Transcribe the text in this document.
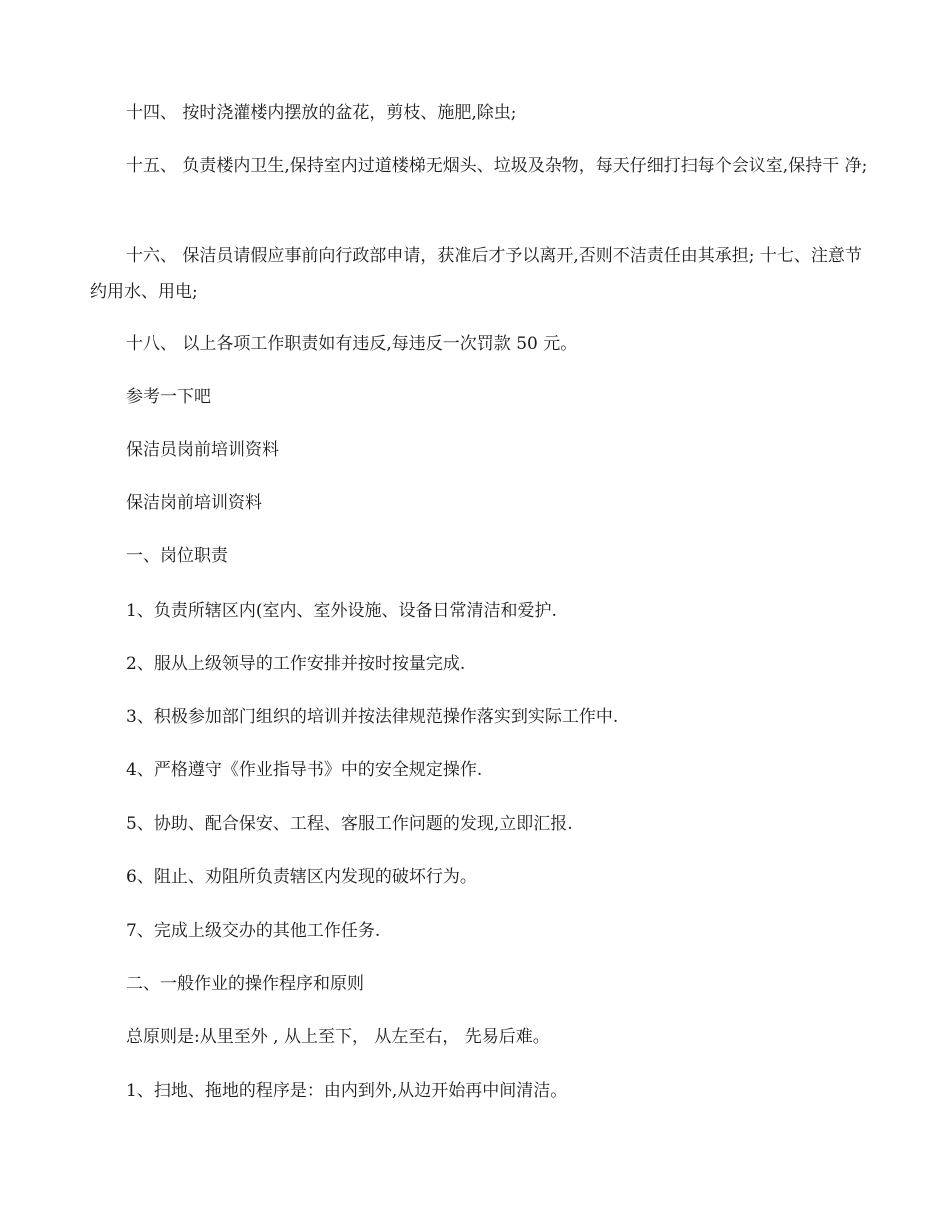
十四、 按时浇灌楼内摆放的盆花，剪枝、施肥,除虫;

十五、 负责楼内卫生,保持室内过道楼梯无烟头、垃圾及杂物，每天仔细打扫每个会议室,保持干 净;

十六、 保洁员请假应事前向行政部申请，获准后才予以离开,否则不洁责任由其承担; 十七、注意节约用水、用电;

十八、 以上各项工作职责如有违反,每违反一次罚款 50 元。

参考一下吧

保洁员岗前培训资料

保洁岗前培训资料

一、岗位职责

1、负责所辖区内(室内、室外设施、设备日常清洁和爱护.

2、服从上级领导的工作安排并按时按量完成.

3、积极参加部门组织的培训并按法律规范操作落实到实际工作中.

4、严格遵守《作业指导书》中的安全规定操作.

5、协助、配合保安、工程、客服工作问题的发现,立即汇报.

6、阻止、劝阻所负责辖区内发现的破坏行为。

7、完成上级交办的其他工作任务.

二、一般作业的操作程序和原则

总原则是:从里至外 , 从上至下， 从左至右， 先易后难。

1、扫地、拖地的程序是：由内到外,从边开始再中间清洁。
